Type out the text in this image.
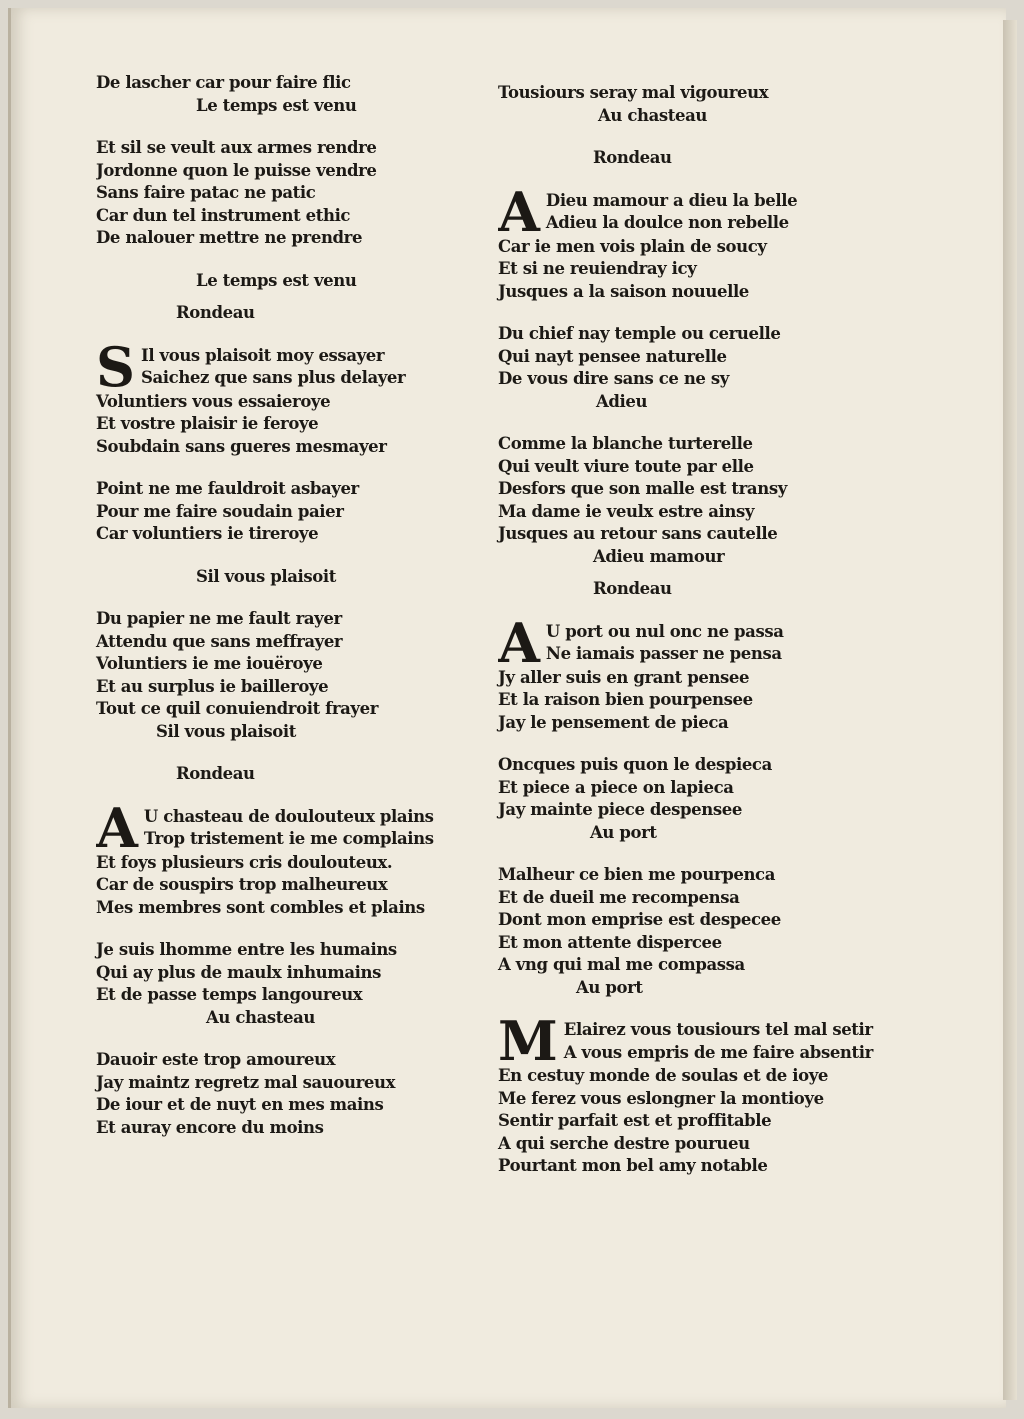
De lascher car pour faire flic
Le temps est venu
Et sil se veult aux armes rendre
Jordonne quon le puisse vendre
Sans faire patac ne patic
Car dun tel instrument ethic
De nalouer mettre ne prendre
Le temps est venu
Rondeau
S Il vous plaisoit moy essayer
Saichez que sans plus delayer
Voluntiers vous essaieroye
Et vostre plaisir ie feroye
Soubdain sans gueres mesmayer
Point ne me fauldroit asbayer
Pour me faire soudain paier
Car voluntiers ie tireroye
Sil vous plaisoit
Du papier ne me fault rayer
Attendu que sans meffrayer
Voluntiers ie me iouëroye
Et au surplus ie bailleroye
Tout ce quil conuiendroit frayer
Sil vous plaisoit
Rondeau
A U chasteau de doulouteux plains
Trop tristement ie me complains
Et foys plusieurs cris doulouteux.
Car de souspirs trop malheureux
Mes membres sont combles et plains
Je suis lhomme entre les humains
Qui ay plus de maulx inhumains
Et de passe temps langoureux
Au chasteau
Dauoir este trop amoureux
Jay maintz regretz mal sauoureux
De iour et de nuyt en mes mains
Et auray encore du moins
Tousiours seray mal vigoureux
Au chasteau
Rondeau
A Dieu mamour a dieu la belle
Adieu la doulce non rebelle
Car ie men vois plain de soucy
Et si ne reuiendray icy
Jusques a la saison nouuelle
Du chief nay temple ou ceruelle
Qui nayt pensee naturelle
De vous dire sans ce ne sy
Adieu
Comme la blanche turterelle
Qui veult viure toute par elle
Desfors que son malle est transy
Ma dame ie veulx estre ainsy
Jusques au retour sans cautelle
Adieu mamour
Rondeau
A U port ou nul onc ne passa
Ne iamais passer ne pensa
Jy aller suis en grant pensee
Et la raison bien pourpensee
Jay le pensement de piecа
Oncques puis quon le despieca
Et piece a piece on lapieca
Jay mainte piece despensee
Au port
Malheur ce bien me pourpenca
Et de dueil me recompensa
Dont mon emprise est despecee
Et mon attente dispercee
A vng qui mal me compassa
Au port
M Elairez vous tousiours tel mal setir
A vous empris de me faire absentir
En cestuy monde de soulas et de ioye
Me ferez vous eslongner la montioye
Sentir parfait est et proffitable
A qui serche destre pourueu
Pourtant mon bel amy notable
